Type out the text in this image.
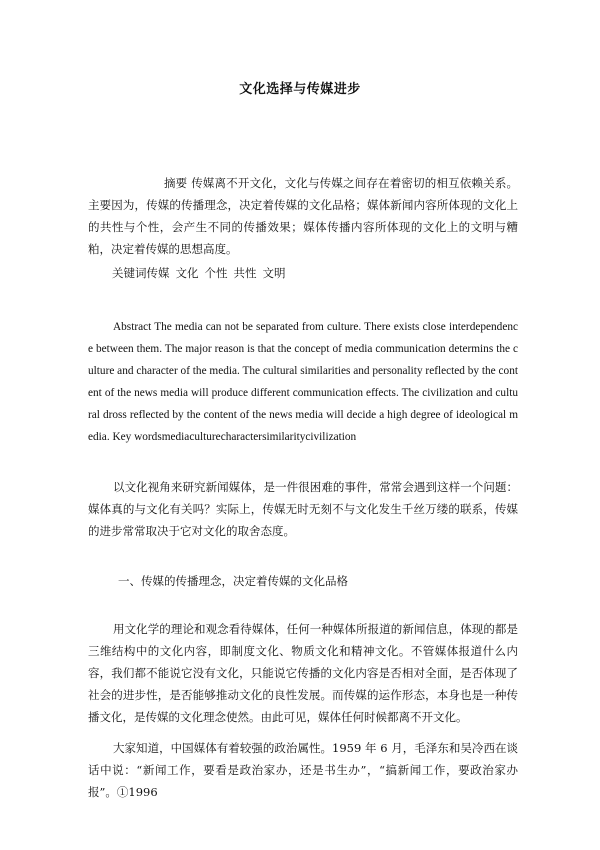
文化选择与传媒进步
摘要 传媒离不开文化，文化与传媒之间存在着密切的相互依赖关系。主要因为，传媒的传播理念，决定着传媒的文化品格；媒体新闻内容所体现的文化上的共性与个性，会产生不同的传播效果；媒体传播内容所体现的文化上的文明与糟粕，决定着传媒的思想高度。
关键词传媒 文化 个性 共性 文明
Abstract The media can not be separated from culture. There exists close interdependence between them. The major reason is that the concept of media communication determins the culture and character of the media. The cultural similarities and personality reflected by the content of the news media will produce different communication effects. The civilization and cultural dross reflected by the content of the news media will decide a high degree of ideological media. Key wordsmediaculturecharactersimilaritycivilization
以文化视角来研究新闻媒体，是一件很困难的事件，常常会遇到这样一个问题：媒体真的与文化有关吗？实际上，传媒无时无刻不与文化发生千丝万缕的联系，传媒的进步常常取决于它对文化的取舍态度。
一、传媒的传播理念，决定着传媒的文化品格
用文化学的理论和观念看待媒体，任何一种媒体所报道的新闻信息，体现的都是三维结构中的文化内容，即制度文化、物质文化和精神文化。不管媒体报道什么内容，我们都不能说它没有文化，只能说它传播的文化内容是否相对全面，是否体现了社会的进步性，是否能够推动文化的良性发展。而传媒的运作形态，本身也是一种传播文化，是传媒的文化理念使然。由此可见，媒体任何时候都离不开文化。
大家知道，中国媒体有着较强的政治属性。1959 年 6 月，毛泽东和吴冷西在谈话中说：“新闻工作，要看是政治家办，还是书生办”，“搞新闻工作，要政治家办报”。①1996
